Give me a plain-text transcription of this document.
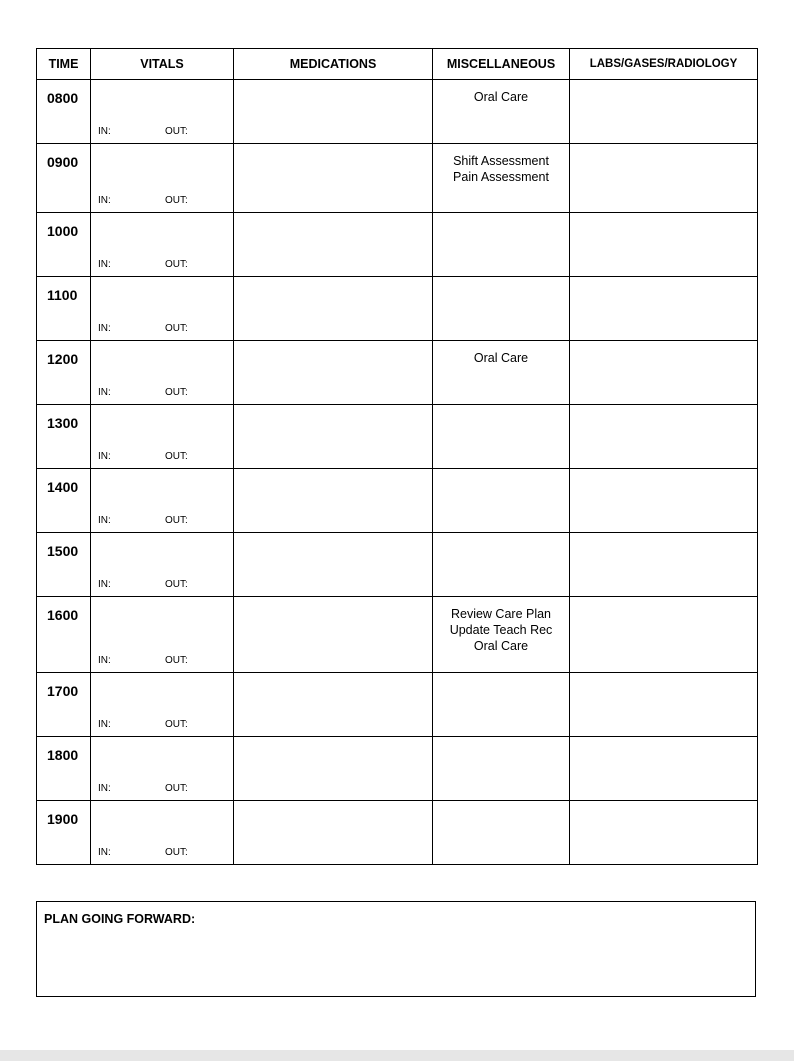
TIME	VITALS	MEDICATIONS	MISCELLANEOUS	LABS/GASES/RADIOLOGY
0800	IN: OUT:		Oral Care	

0900	IN: OUT:		Shift Assessment
Pain Assessment	

1000	IN: OUT:			

1100	IN: OUT:			

1200	IN: OUT:		Oral Care	

1300	IN: OUT:			

1400	IN: OUT:			

1500	IN: OUT:			

1600	IN: OUT:		Review Care Plan
Update Teach Rec
Oral Care	

1700	IN: OUT:			

1800	IN: OUT:			

1900	IN: OUT:			

PLAN GOING FORWARD:
